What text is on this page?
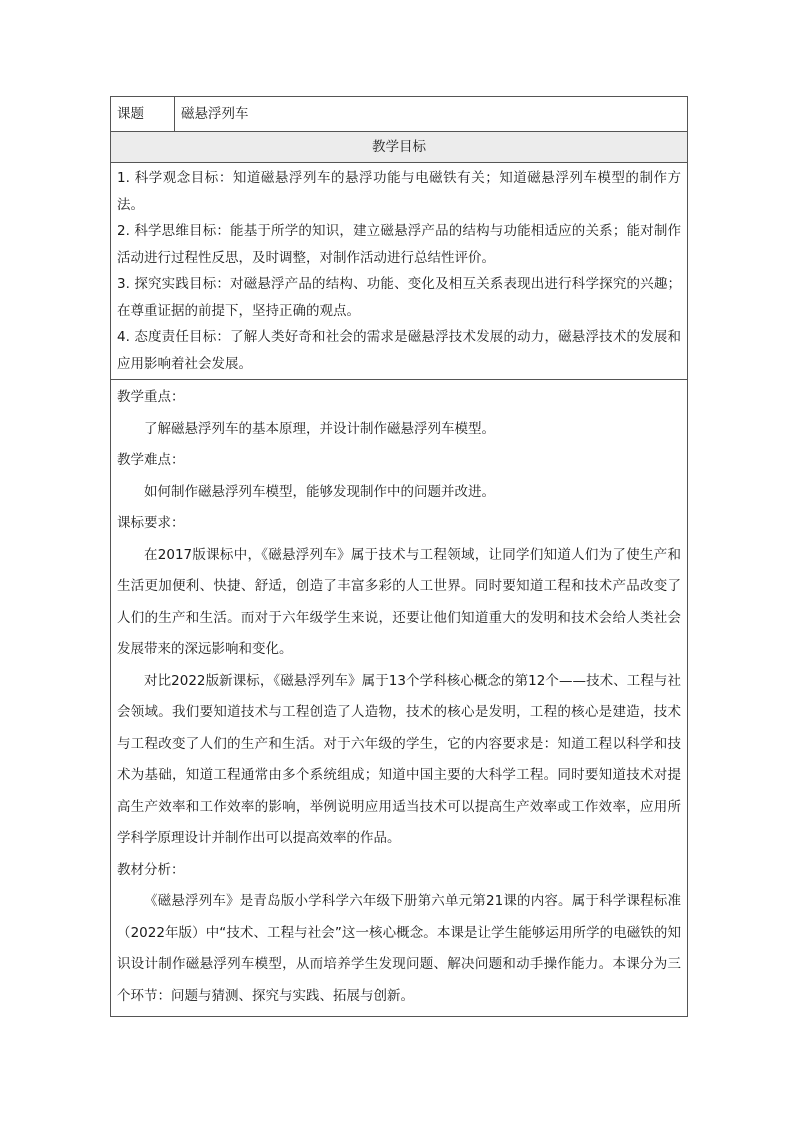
课题	磁悬浮列车
教学目标

1. 科学观念目标：知道磁悬浮列车的悬浮功能与电磁铁有关；知道磁悬浮列车模型的制作方法。

2. 科学思维目标：能基于所学的知识，建立磁悬浮产品的结构与功能相适应的关系；能对制作活动进行过程性反思，及时调整，对制作活动进行总结性评价。

3. 探究实践目标：对磁悬浮产品的结构、功能、变化及相互关系表现出进行科学探究的兴趣；在尊重证据的前提下，坚持正确的观点。

4. 态度责任目标：了解人类好奇和社会的需求是磁悬浮技术发展的动力，磁悬浮技术的发展和应用影响着社会发展。

教学重点：

了解磁悬浮列车的基本原理，并设计制作磁悬浮列车模型。

教学难点：

如何制作磁悬浮列车模型，能够发现制作中的问题并改进。

课标要求：

在2017版课标中，《磁悬浮列车》属于技术与工程领域，让同学们知道人们为了使生产和生活更加便利、快捷、舒适，创造了丰富多彩的人工世界。同时要知道工程和技术产品改变了人们的生产和生活。而对于六年级学生来说，还要让他们知道重大的发明和技术会给人类社会发展带来的深远影响和变化。

对比2022版新课标，《磁悬浮列车》属于13个学科核心概念的第12个——技术、工程与社会领域。我们要知道技术与工程创造了人造物，技术的核心是发明，工程的核心是建造，技术与工程改变了人们的生产和生活。对于六年级的学生，它的内容要求是：知道工程以科学和技术为基础，知道工程通常由多个系统组成；知道中国主要的大科学工程。同时要知道技术对提高生产效率和工作效率的影响，举例说明应用适当技术可以提高生产效率或工作效率，应用所学科学原理设计并制作出可以提高效率的作品。

教材分析：

《磁悬浮列车》是青岛版小学科学六年级下册第六单元第21课的内容。属于科学课程标准（2022年版）中“技术、工程与社会”这一核心概念。本课是让学生能够运用所学的电磁铁的知识设计制作磁悬浮列车模型，从而培养学生发现问题、解决问题和动手操作能力。本课分为三个环节：问题与猜测、探究与实践、拓展与创新。
